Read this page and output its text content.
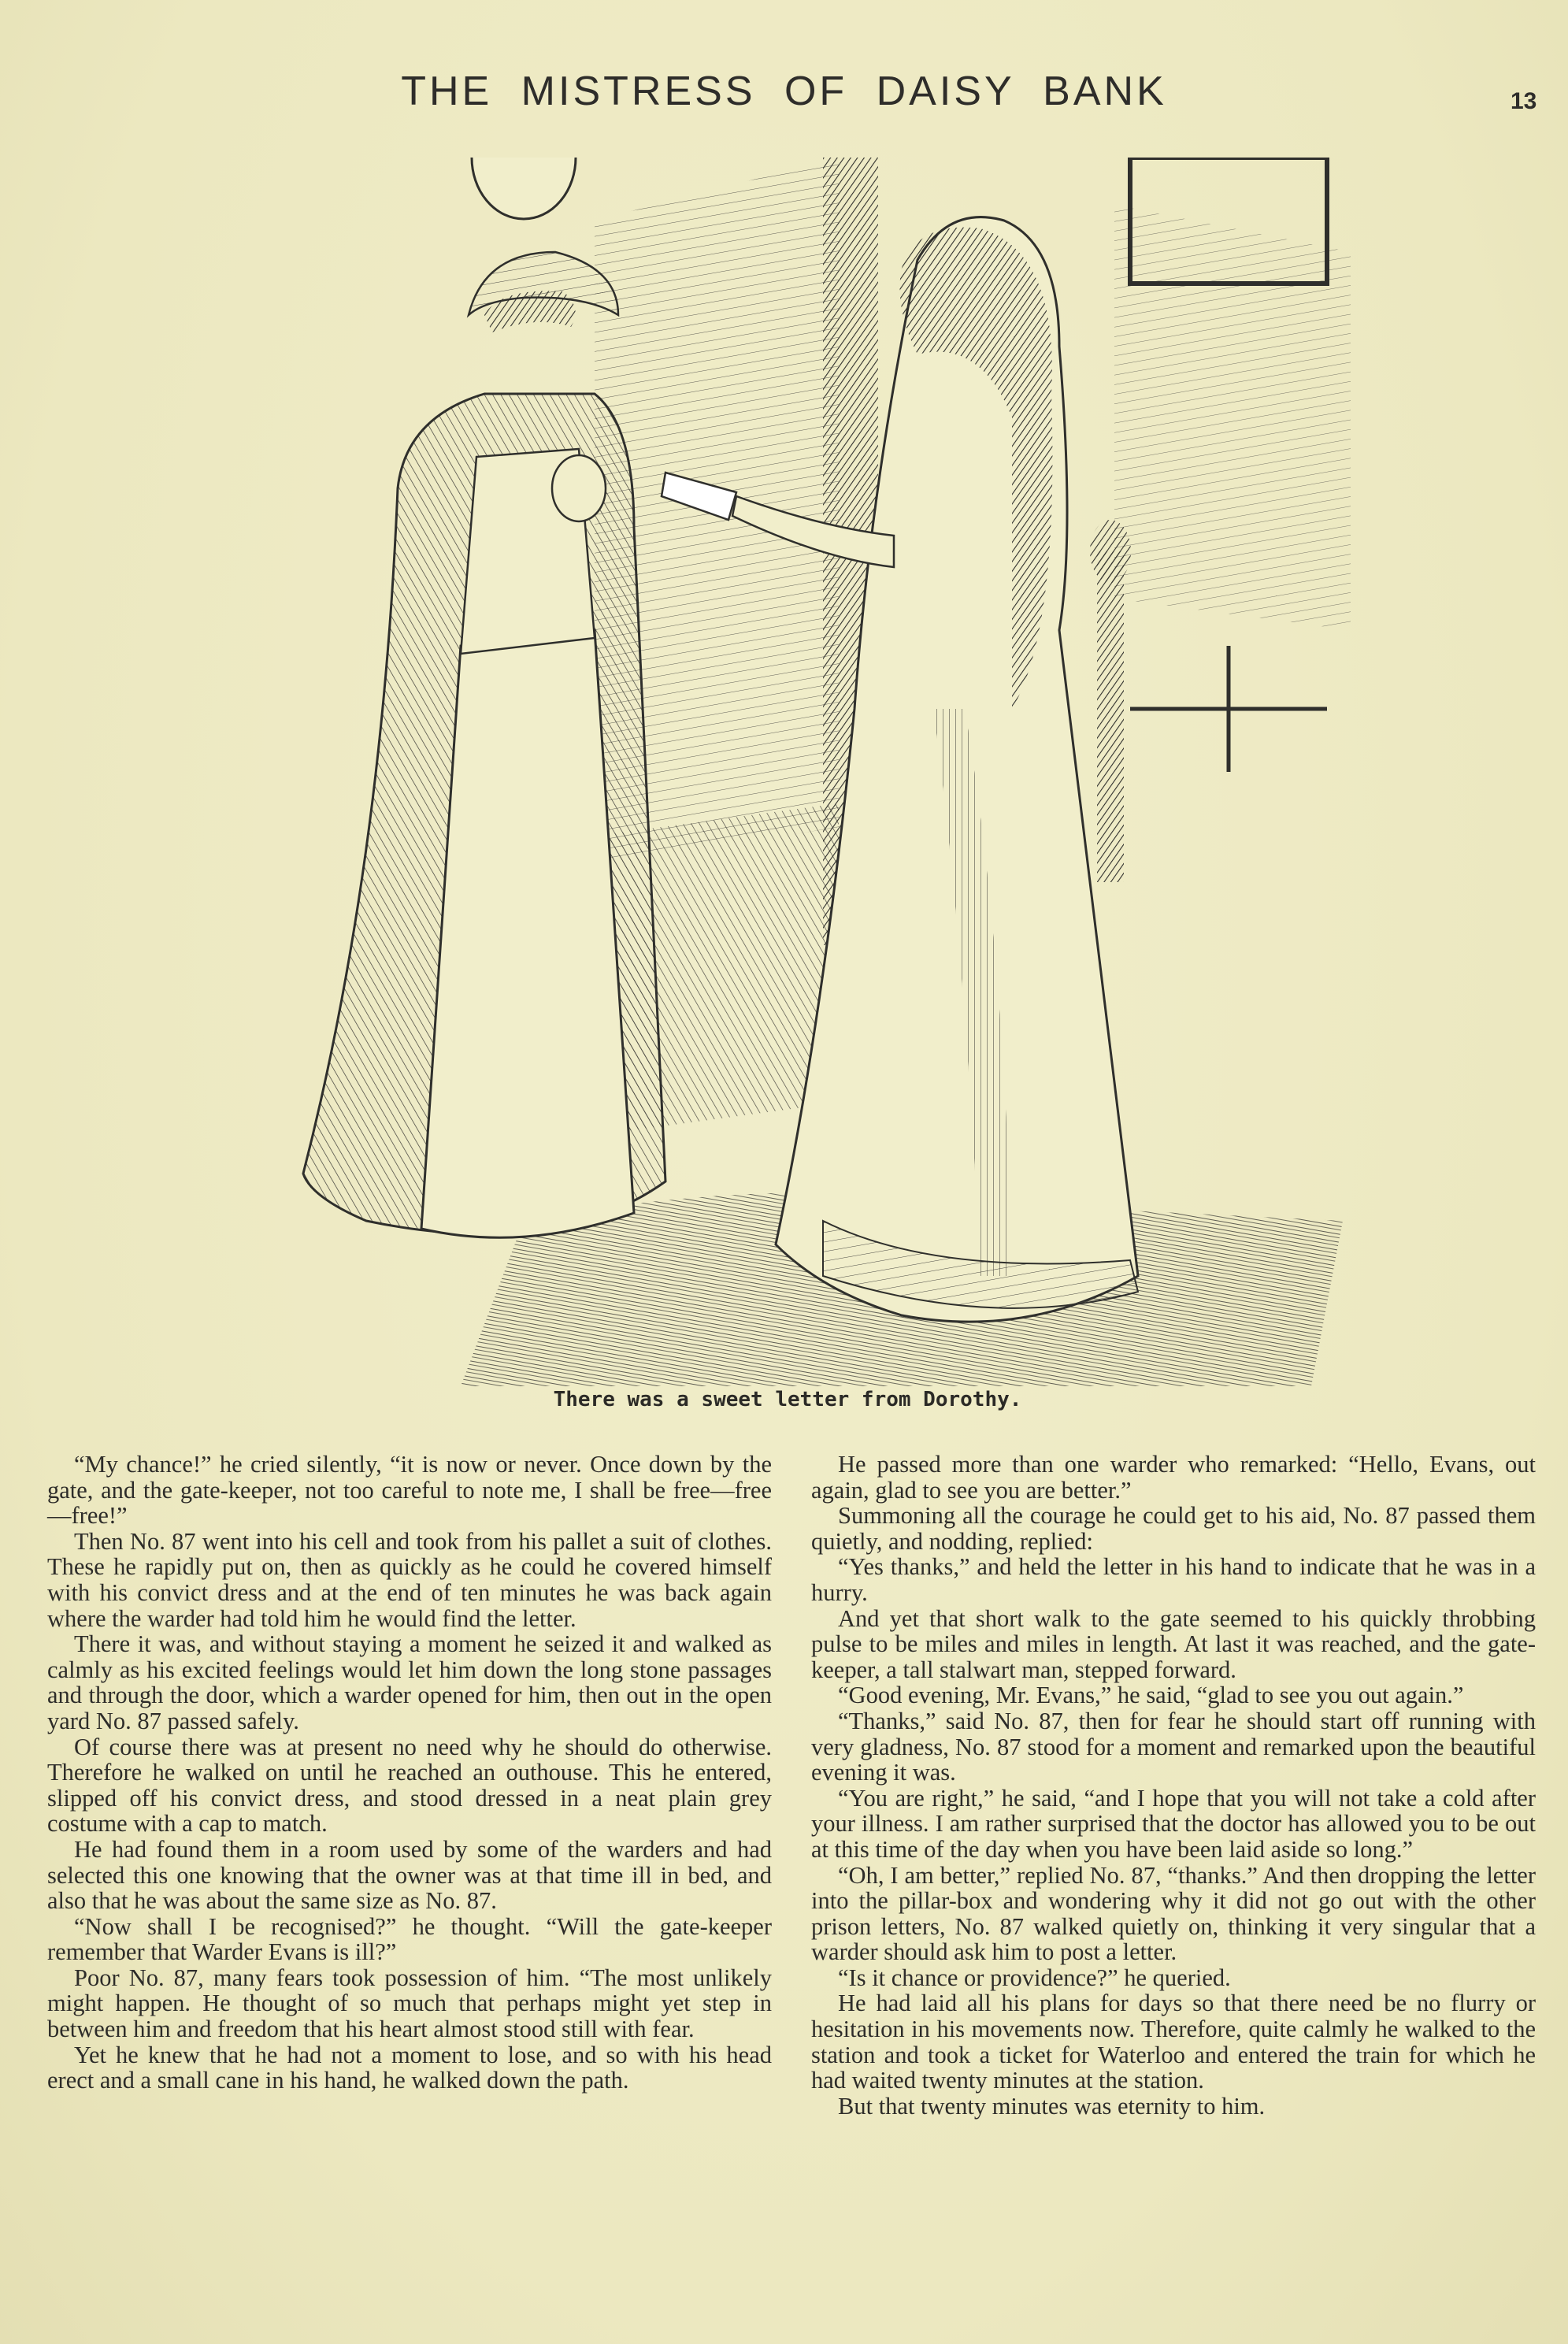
THE MISTRESS OF DAISY BANK	13
There was a sweet letter from Dorothy.

“My chance!” he cried silently, “it is now or never. Once down by the gate, and the gate-keeper, not too careful to note me, I shall be free—free—free!”

Then No. 87 went into his cell and took from his pallet a suit of clothes. These he rapidly put on, then as quickly as he could he covered himself with his convict dress and at the end of ten minutes he was back again where the warder had told him he would find the letter.

There it was, and without staying a moment he seized it and walked as calmly as his excited feelings would let him down the long stone passages and through the door, which a warder opened for him, then out in the open yard No. 87 passed safely.

Of course there was at present no need why he should do otherwise. Therefore he walked on until he reached an outhouse. This he entered, slipped off his convict dress, and stood dressed in a neat plain grey costume with a cap to match.

He had found them in a room used by some of the warders and had selected this one knowing that the owner was at that time ill in bed, and also that he was about the same size as No. 87.

“Now shall I be recognised?” he thought. “Will the gate-keeper remember that Warder Evans is ill?”

Poor No. 87, many fears took possession of him. “The most unlikely might happen. He thought of so much that perhaps might yet step in between him and freedom that his heart almost stood still with fear.

Yet he knew that he had not a moment to lose, and so with his head erect and a small cane in his hand, he walked down the path.

He passed more than one warder who remarked: “Hello, Evans, out again, glad to see you are better.”

Summoning all the courage he could get to his aid, No. 87 passed them quietly, and nodding, replied:

“Yes thanks,” and held the letter in his hand to indicate that he was in a hurry.

And yet that short walk to the gate seemed to his quickly throbbing pulse to be miles and miles in length. At last it was reached, and the gate-keeper, a tall stalwart man, stepped forward.

“Good evening, Mr. Evans,” he said, “glad to see you out again.”

“Thanks,” said No. 87, then for fear he should start off running with very gladness, No. 87 stood for a moment and remarked upon the beautiful evening it was.

“You are right,” he said, “and I hope that you will not take a cold after your illness. I am rather surprised that the doctor has allowed you to be out at this time of the day when you have been laid aside so long.”

“Oh, I am better,” replied No. 87, “thanks.” And then dropping the letter into the pillar-box and wondering why it did not go out with the other prison letters, No. 87 walked quietly on, thinking it very singular that a warder should ask him to post a letter.

“Is it chance or providence?” he queried.

He had laid all his plans for days so that there need be no flurry or hesitation in his movements now. Therefore, quite calmly he walked to the station and took a ticket for Waterloo and entered the train for which he had waited twenty minutes at the station.

But that twenty minutes was eternity to him.
